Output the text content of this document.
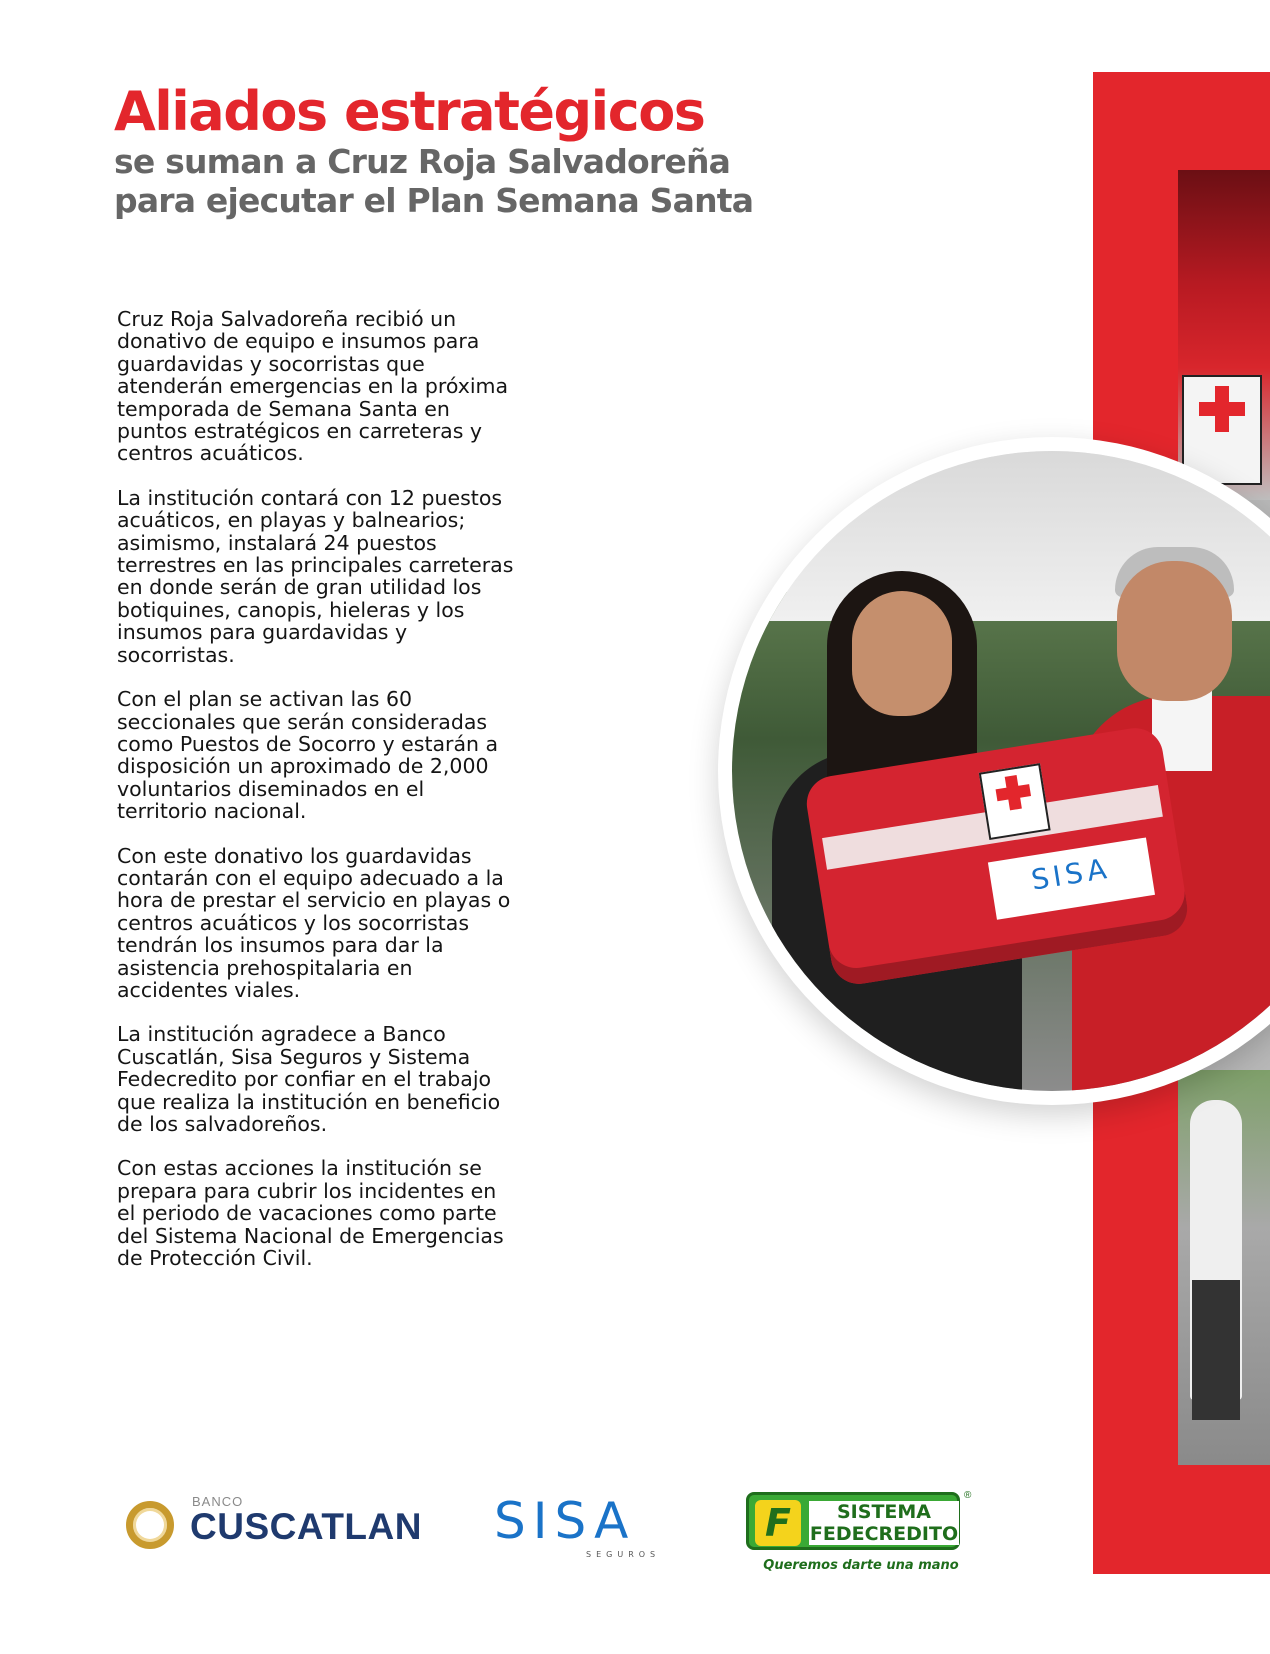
Aliados estratégicos
se suman a Cruz Roja Salvadoreña
para ejecutar el Plan Semana Santa

Cruz Roja Salvadoreña recibió un donativo de equipo e insumos para guardavidas y socorristas que atenderán emergencias en la próxima temporada de Semana Santa en puntos estratégicos en carreteras y centros acuáticos.

La institución contará con 12 puestos acuáticos, en playas y balnearios; asimismo, instalará 24 puestos terrestres en las principales carreteras en donde serán de gran utilidad los botiquines, canopis, hieleras y los insumos para guardavidas y socorristas.

Con el plan se activan las 60 seccionales que serán consideradas como Puestos de Socorro y estarán a disposición un aproximado de 2,000 voluntarios diseminados en el territorio nacional.

Con este donativo los guardavidas contarán con el equipo adecuado a la hora de prestar el servicio en playas o centros acuáticos y los socorristas tendrán los insumos para dar la asistencia prehospitalaria en accidentes viales.

La institución agradece a Banco Cuscatlán, Sisa Seguros y Sistema Fedecredito por confiar en el trabajo que realiza la institución en beneficio de los salvadoreños.

Con estas acciones la institución se prepara para cubrir los incidentes en el periodo de vacaciones como parte del Sistema Nacional de Emergencias de Protección Civil.

SISA
BANCO
CUSCATLAN SISA
SEGUROS
F	SISTEMA
FEDECREDITO
®
Queremos darte una mano
